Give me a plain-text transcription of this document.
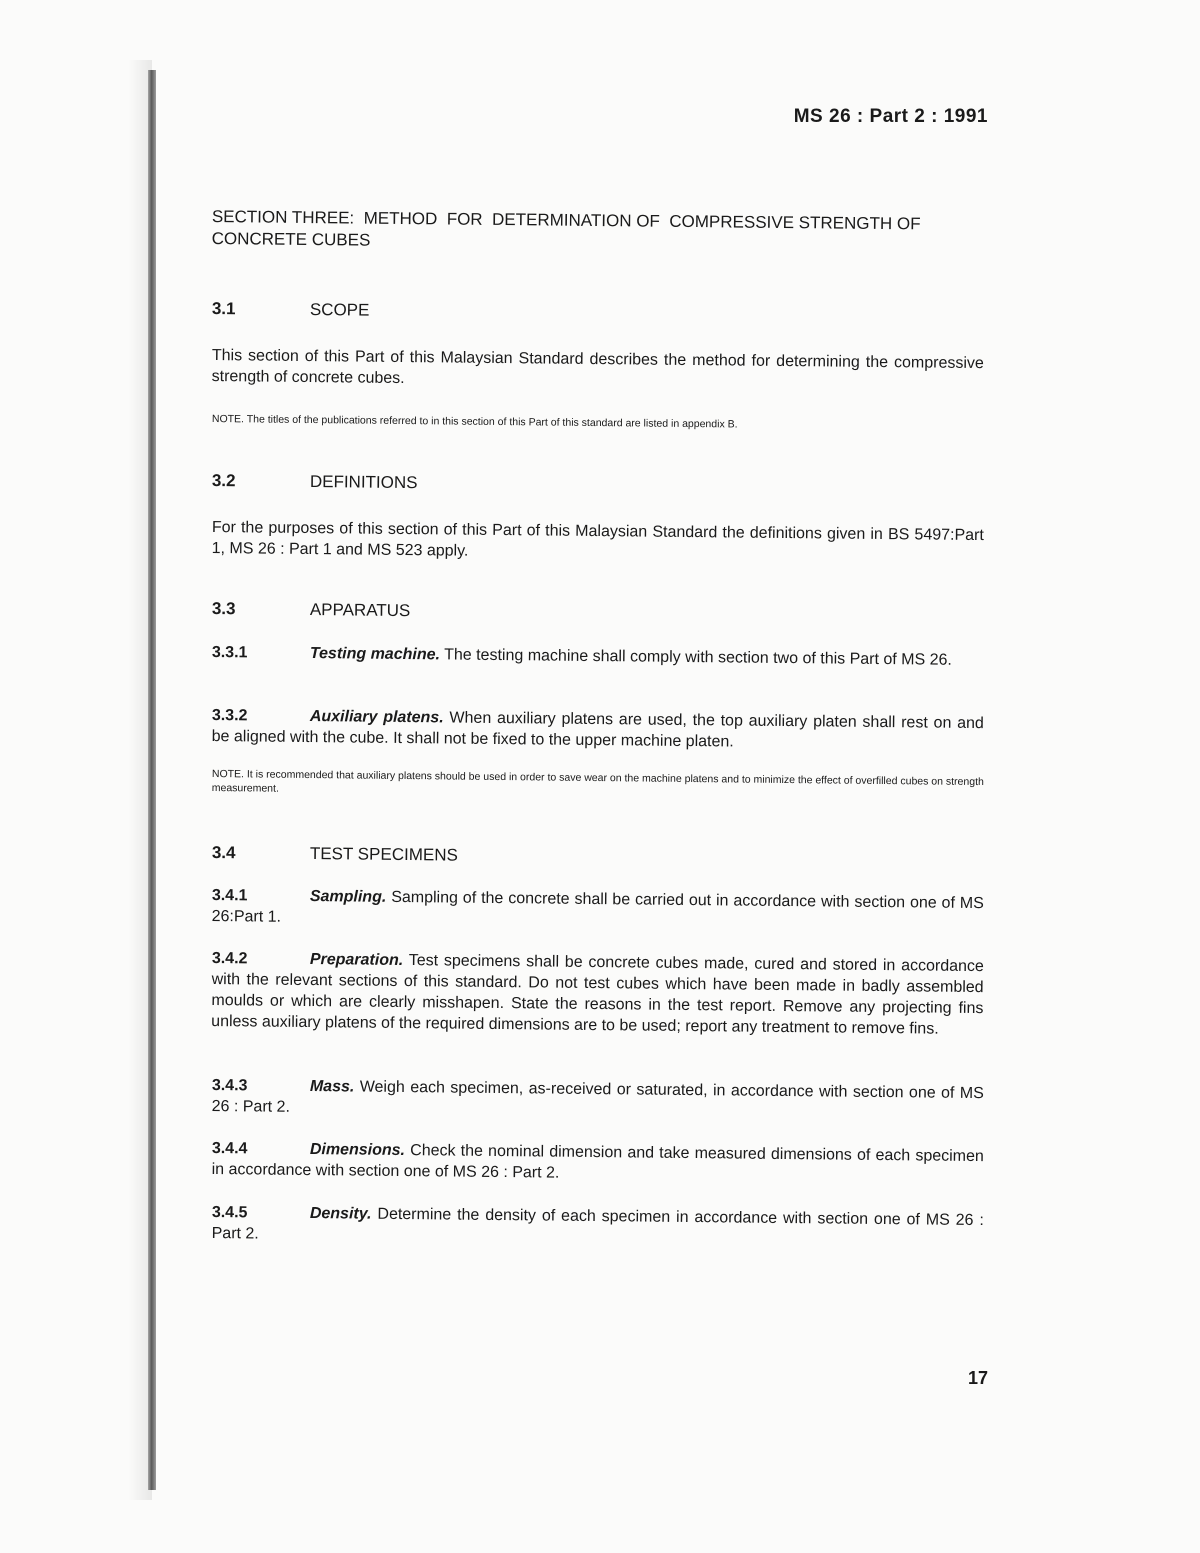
MS 26 : Part 2 : 1991
SECTION THREE:  METHOD  FOR  DETERMINATION OF  COMPRESSIVE STRENGTH OF
CONCRETE CUBES
3.1	SCOPE
This section of this Part of this Malaysian Standard describes the method for determining the compressive strength of concrete cubes.
NOTE. The titles of the publications referred to in this section of this Part of this standard are listed in appendix B.
3.2	DEFINITIONS
For the purposes of this section of this Part of this Malaysian Standard the definitions given in BS 5497:Part 1, MS 26 : Part 1 and MS 523 apply.
3.3	APPARATUS
3.3.1	Testing machine. The testing machine shall comply with section two of this Part of MS 26.
3.3.2	Auxiliary platens. When auxiliary platens are used, the top auxiliary platen shall rest on and be aligned with the cube. It shall not be fixed to the upper machine platen.
NOTE. It is recommended that auxiliary platens should be used in order to save wear on the machine platens and to minimize the effect of overfilled cubes on strength measurement.
3.4	TEST SPECIMENS
3.4.1	Sampling. Sampling of the concrete shall be carried out in accordance with section one of MS 26:Part 1.
3.4.2	Preparation. Test specimens shall be concrete cubes made, cured and stored in accordance with the relevant sections of this standard. Do not test cubes which have been made in badly assembled moulds or which are clearly misshapen. State the reasons in the test report. Remove any projecting fins unless auxiliary platens of the required dimensions are to be used; report any treatment to remove fins.
3.4.3	Mass. Weigh each specimen, as-received or saturated, in accordance with section one of MS 26 : Part 2.
3.4.4	Dimensions. Check the nominal dimension and take measured dimensions of each specimen in accordance with section one of MS 26 : Part 2.
3.4.5	Density. Determine the density of each specimen in accordance with section one of MS 26 : Part 2.
17
